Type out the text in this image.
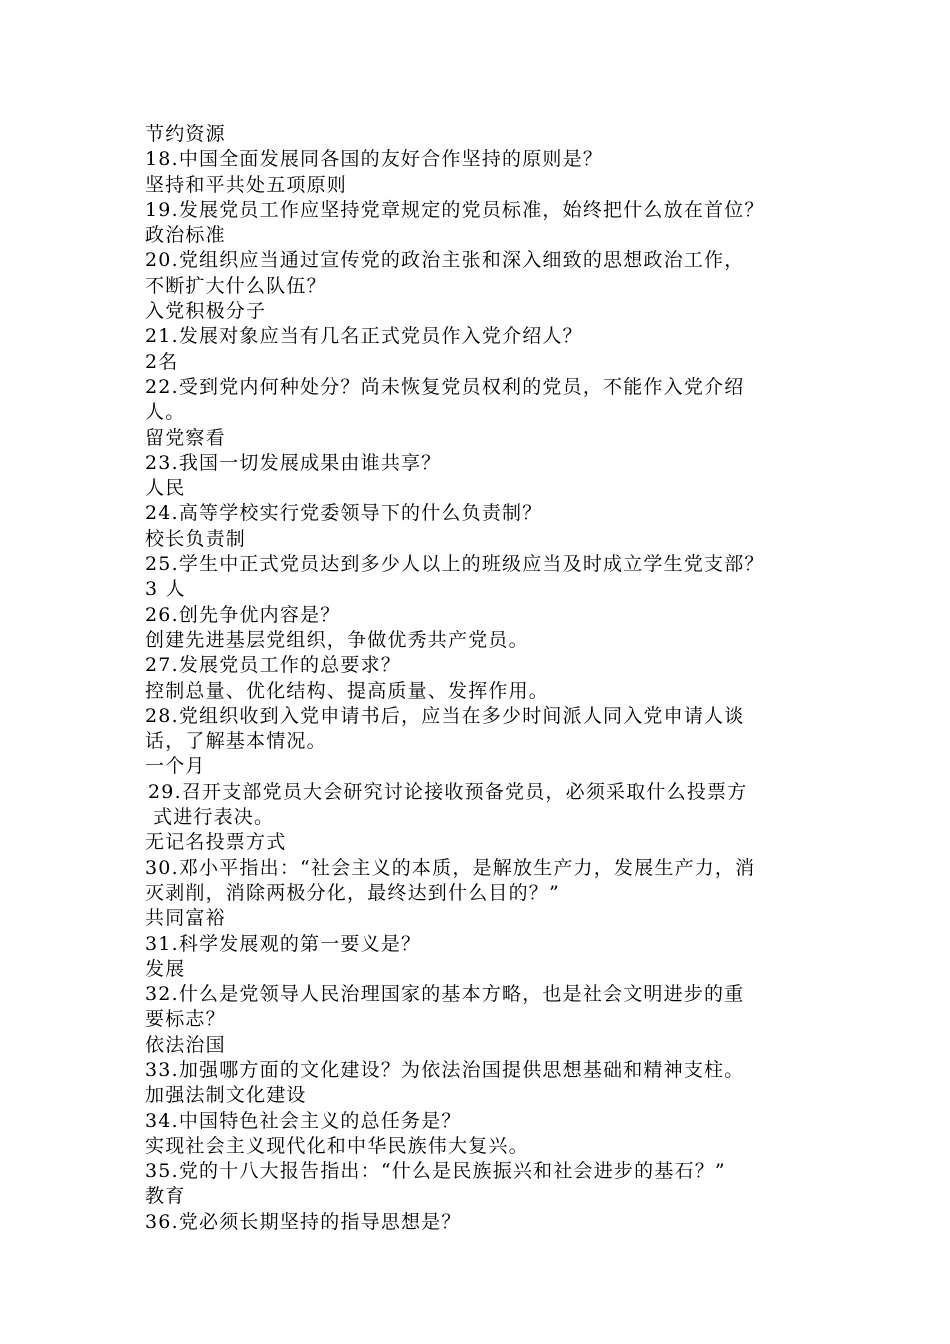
节约资源
18.中国全面发展同各国的友好合作坚持的原则是？
坚持和平共处五项原则
19.发展党员工作应坚持党章规定的党员标准，始终把什么放在首位？
政治标准
20.党组织应当通过宣传党的政治主张和深入细致的思想政治工作，
不断扩大什么队伍？
入党积极分子
21.发展对象应当有几名正式党员作入党介绍人？
2名
22.受到党内何种处分？尚未恢复党员权利的党员，不能作入党介绍
人。
留党察看
23.我国一切发展成果由谁共享？
人民
24.高等学校实行党委领导下的什么负责制？
校长负责制
25.学生中正式党员达到多少人以上的班级应当及时成立学生党支部？
3 人
26.创先争优内容是？
创建先进基层党组织，争做优秀共产党员。
27.发展党员工作的总要求？
控制总量、优化结构、提高质量、发挥作用。
28.党组织收到入党申请书后，应当在多少时间派人同入党申请人谈
话，了解基本情况。
一个月
29.召开支部党员大会研究讨论接收预备党员，必须采取什么投票方
式进行表决。
无记名投票方式
30.邓小平指出：“社会主义的本质，是解放生产力，发展生产力，消
灭剥削，消除两极分化，最终达到什么目的？”
共同富裕
31.科学发展观的第一要义是？
发展
32.什么是党领导人民治理国家的基本方略，也是社会文明进步的重
要标志？
依法治国
33.加强哪方面的文化建设？为依法治国提供思想基础和精神支柱。
加强法制文化建设
34.中国特色社会主义的总任务是？
实现社会主义现代化和中华民族伟大复兴。
35.党的十八大报告指出：“什么是民族振兴和社会进步的基石？”
教育
36.党必须长期坚持的指导思想是？
